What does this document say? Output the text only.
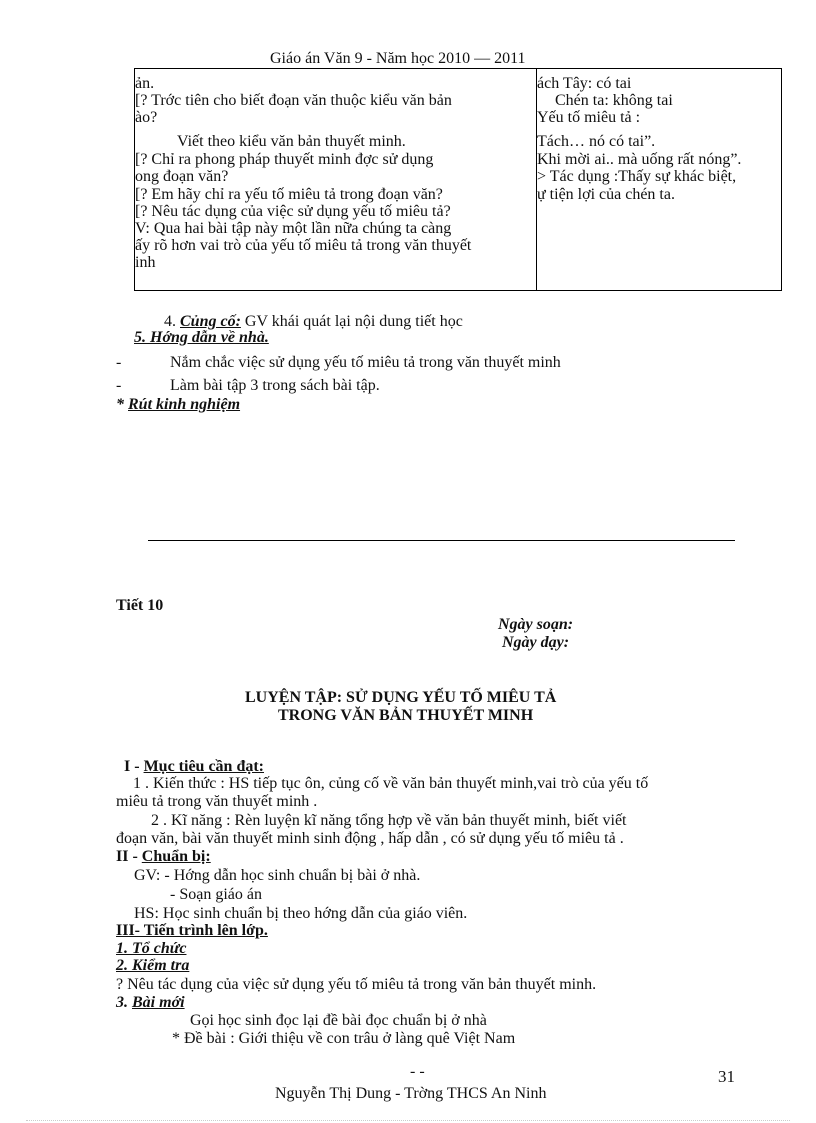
Giáo án Văn 9 - Năm học 2010 — 2011
ản.
[? Trớc tiên cho biết đoạn văn thuộc kiểu văn bản
ào?
Viết theo kiểu văn bản thuyết minh.
[? Chỉ ra phong pháp thuyết minh đợc sử dụng
ong đoạn văn?
[? Em hãy chỉ ra yếu tố miêu tả trong đoạn văn?
[? Nêu tác dụng của việc sử dụng yếu tố miêu tả?
V: Qua hai bài tập này một lần nữa chúng ta càng
ấy rõ hơn vai trò của yếu tố miêu tả trong văn thuyết
inh
ách Tây: có tai
Chén ta: không tai
Yếu tố miêu tả :
Tách… nó có tai”.
Khi mời ai.. mà uống rất nóng”.
> Tác dụng :Thấy sự khác biệt,
ự tiện lợi của chén ta.
4. Củng cố: GV khái quát lại nội dung tiết học
5. Hớng dẫn về nhà.
-	Nắm chắc việc sử dụng yếu tố miêu tả trong văn thuyết minh
-	Làm bài tập 3 trong sách bài tập.
* Rút kinh nghiệm
Tiết 10
Ngày soạn:
Ngày dạy:
LUYỆN TẬP: SỬ DỤNG YẾU TỐ MIÊU TẢ
TRONG VĂN BẢN THUYẾT MINH
I - Mục tiêu cần đạt:
1 . Kiến thức : HS tiếp tục ôn, củng cố về văn bản thuyết minh,vai trò của yếu tố
miêu tả trong văn thuyết minh .
2 . Kĩ năng : Rèn luyện kĩ năng tổng hợp về văn bản thuyết minh, biết viết
đoạn văn, bài văn thuyết minh sinh động , hấp dẫn , có sử dụng yếu tố miêu tả .
II - Chuẩn bị:
GV: - Hớng dẫn học sinh chuẩn bị bài ở nhà.
- Soạn giáo án
HS: Học sinh chuẩn bị theo hớng dẫn của giáo viên.
III- Tiến trình lên lớp.
1. Tổ chức
2. Kiểm tra
? Nêu tác dụng của việc sử dụng yếu tố miêu tả trong văn bản thuyết minh.
3. Bài mới
Gọi học sinh đọc lại đề bài đọc chuẩn bị ở nhà
* Đề bài : Giới thiệu về con trâu ở làng quê Việt Nam
- -	31
Nguyễn Thị Dung - Trờng THCS An Ninh
